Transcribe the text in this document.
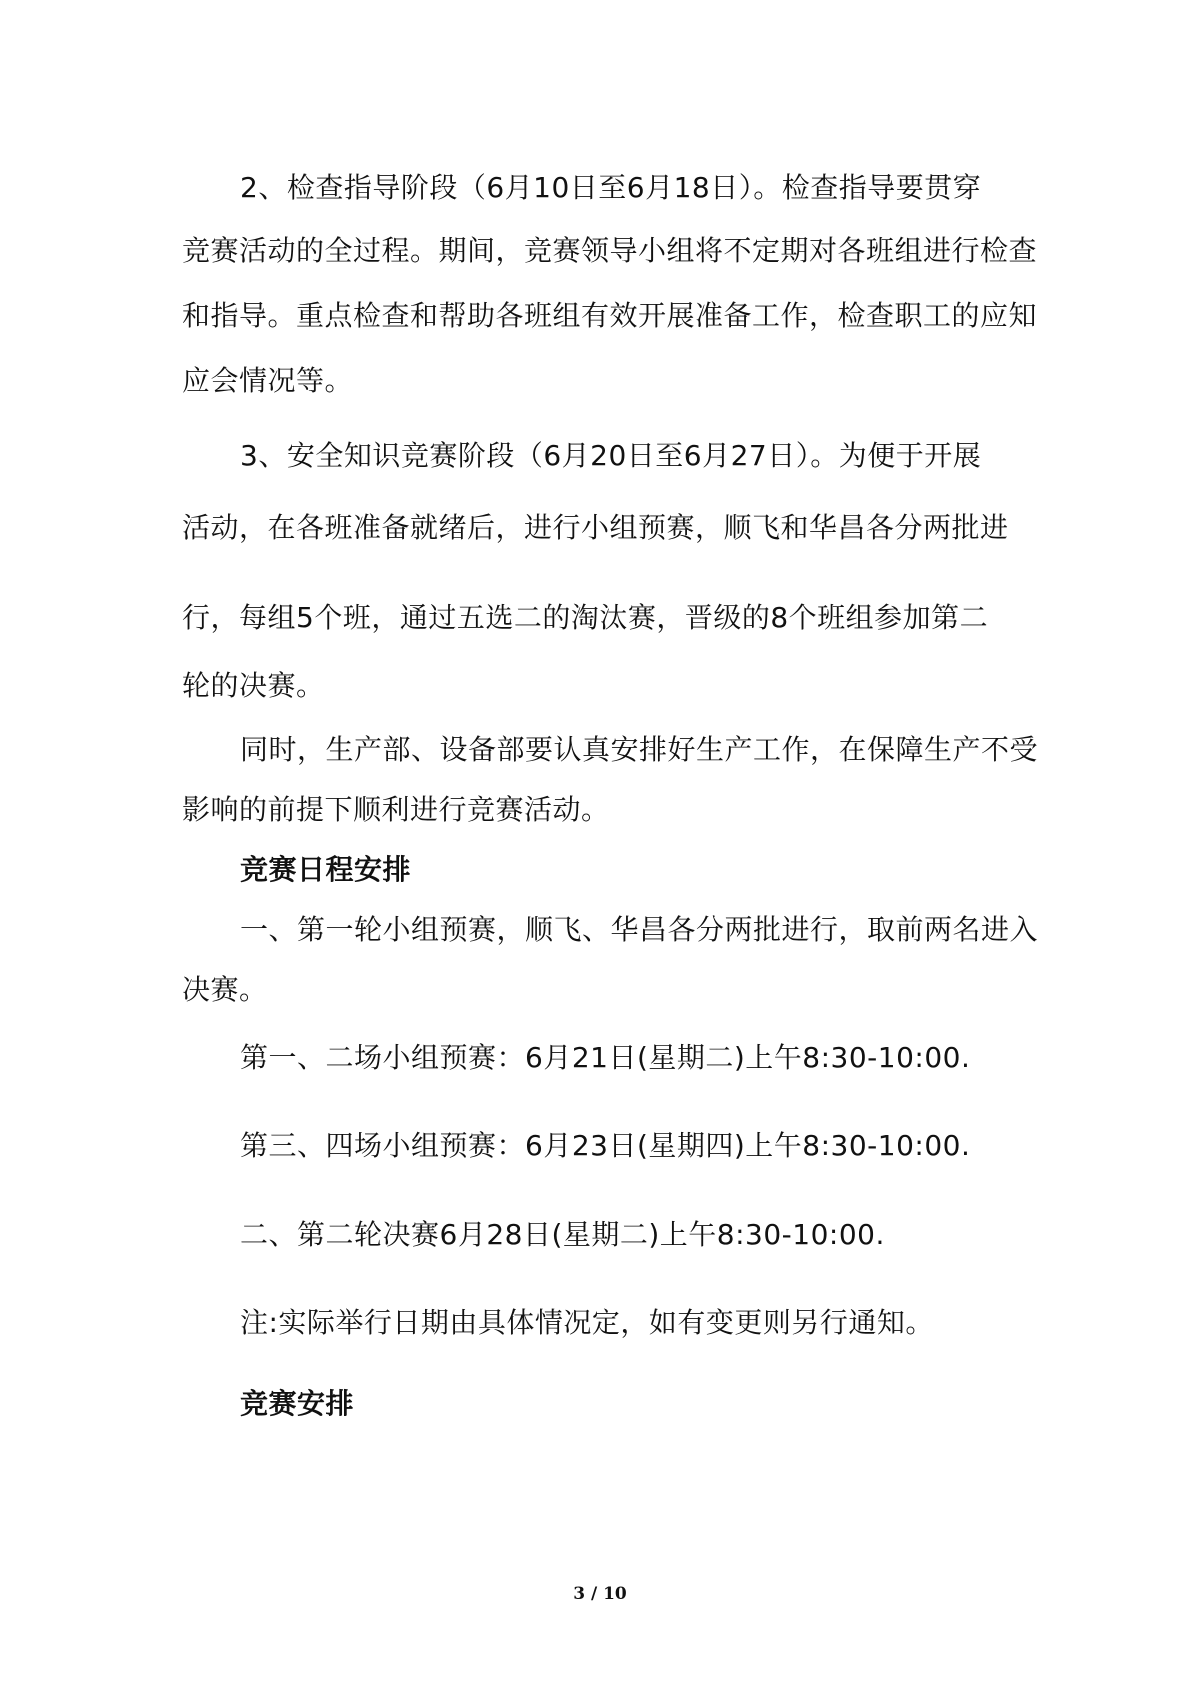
2、检查指导阶段（6月10日至6月18日）。检查指导要贯穿
竞赛活动的全过程。期间，竞赛领导小组将不定期对各班组进行检查
和指导。重点检查和帮助各班组有效开展准备工作，检查职工的应知
应会情况等。
3、安全知识竞赛阶段（6月20日至6月27日）。为便于开展
活动，在各班准备就绪后，进行小组预赛，顺飞和华昌各分两批进
行，每组5个班，通过五选二的淘汰赛，晋级的8个班组参加第二
轮的决赛。
同时，生产部、设备部要认真安排好生产工作，在保障生产不受
影响的前提下顺利进行竞赛活动。
竞赛日程安排
一、第一轮小组预赛，顺飞、华昌各分两批进行，取前两名进入
决赛。
第一、二场小组预赛：6月21日(星期二)上午8:30-10:00.
第三、四场小组预赛：6月23日(星期四)上午8:30-10:00.
二、第二轮决赛6月28日(星期二)上午8:30-10:00.
注:实际举行日期由具体情况定，如有变更则另行通知。
竞赛安排
3 / 10
